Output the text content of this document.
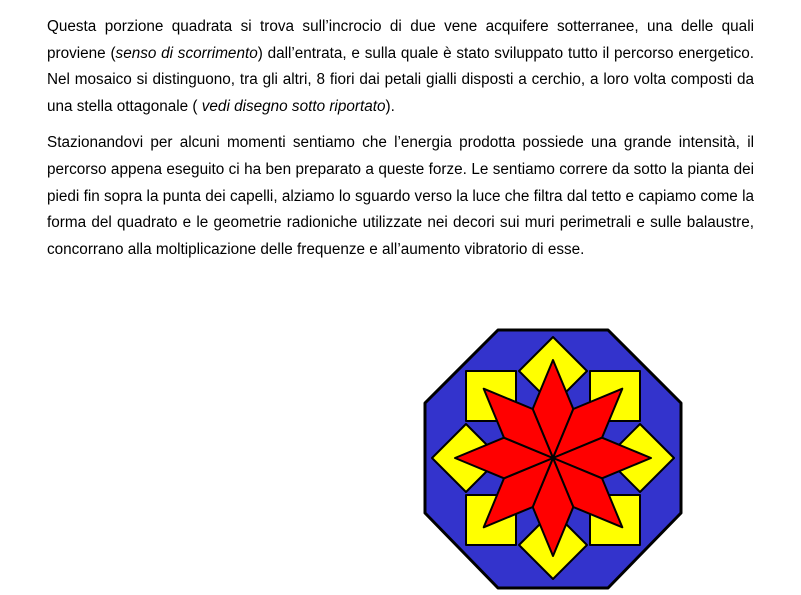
Questa porzione quadrata si trova sull’incrocio di due vene acquifere sotterranee, una delle quali proviene (senso di scorrimento) dall’entrata, e sulla quale è stato sviluppato tutto il percorso energetico. Nel mosaico si distinguono, tra gli altri, 8 fiori dai petali gialli disposti a cerchio, a loro volta composti da una stella ottagonale ( vedi disegno sotto riportato).

Stazionandovi per alcuni momenti sentiamo che l’energia prodotta possiede una grande intensità, il percorso appena eseguito ci ha ben preparato a queste forze. Le sentiamo correre da sotto la pianta dei piedi fin sopra la punta dei capelli, alziamo lo sguardo verso la luce che filtra dal tetto e capiamo come la forma del quadrato e le geometrie radioniche utilizzate nei decori sui muri perimetrali e sulle balaustre, concorrano alla moltiplicazione delle frequenze e all’aumento vibratorio di esse.
